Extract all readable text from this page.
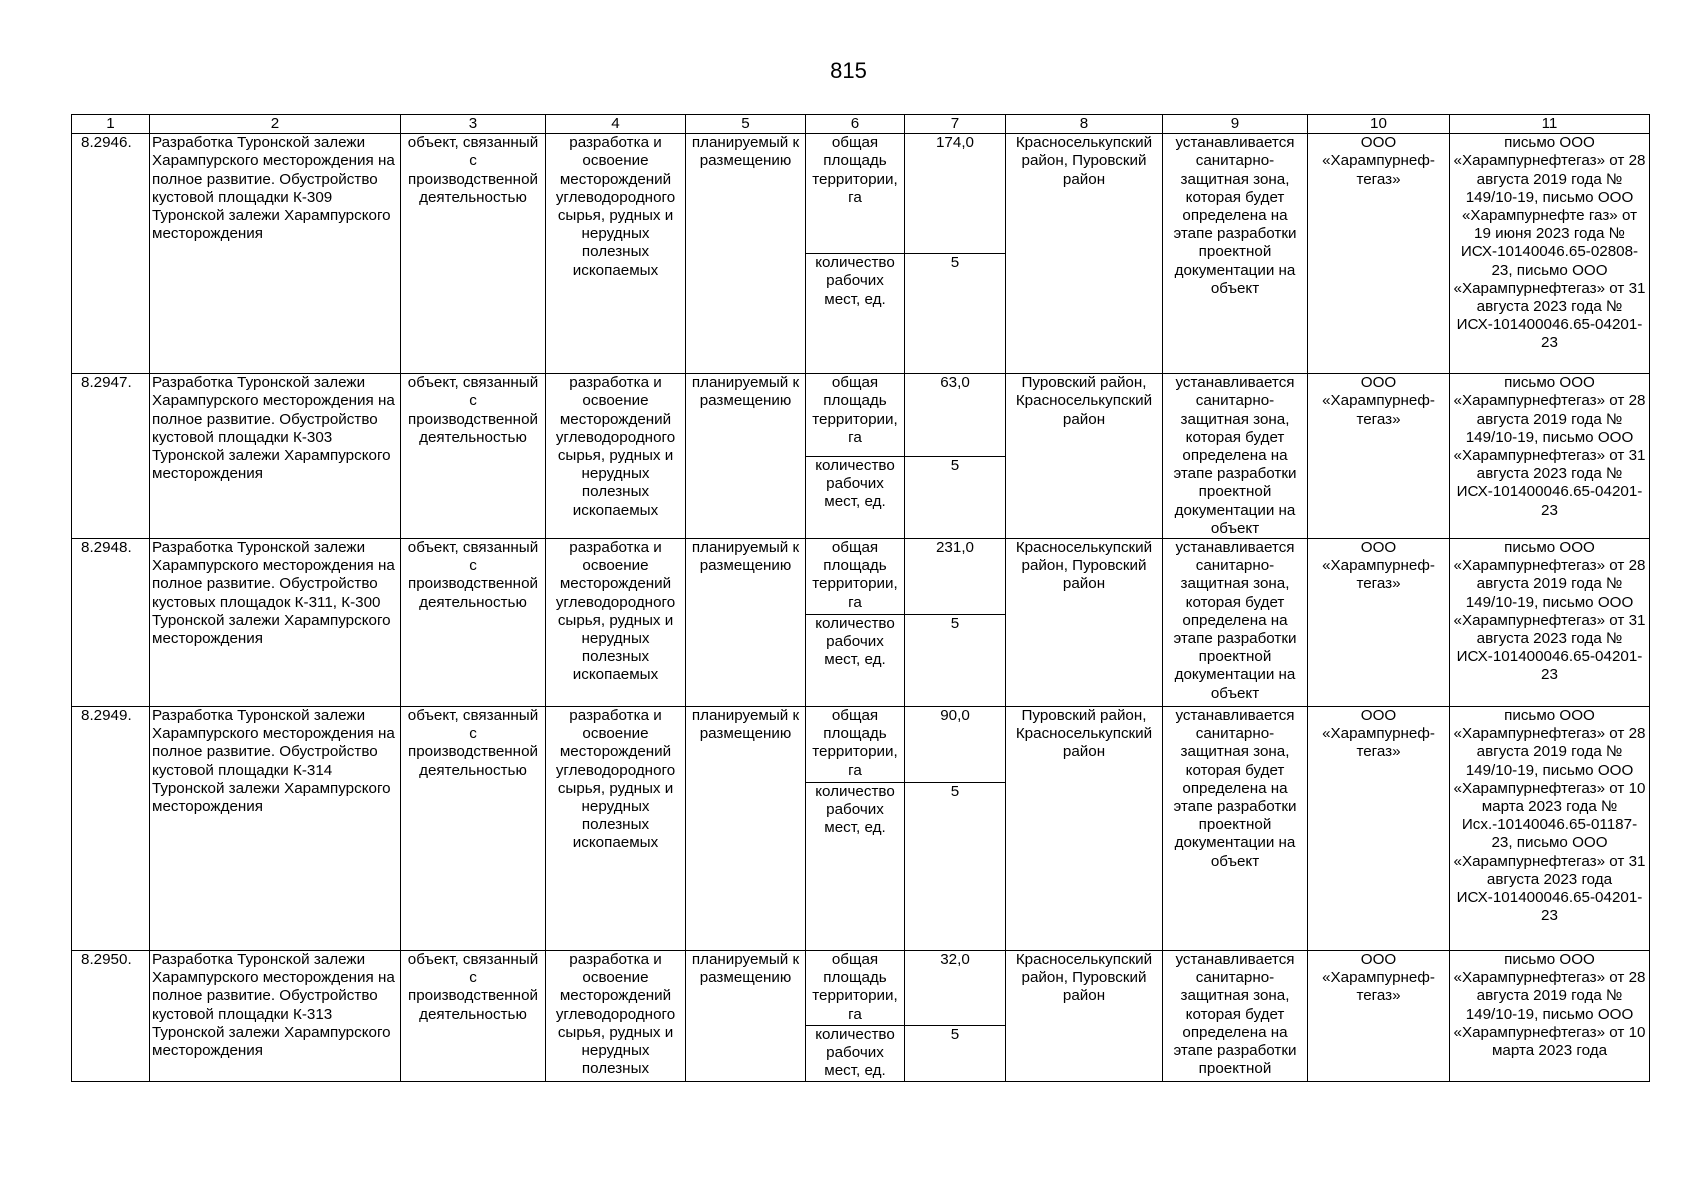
815
1	2	3	4	5	6	7	8	9	10	11
8.2946.	Разработка Туронской залежи Харампурского месторождения на полное развитие. Обустройство кустовой площадки К-309 Туронской залежи Харампурского месторождения	объект, связанный с производственной деятельностью	разработка и освоение месторождений углеводородного сырья, рудных и нерудных полезных ископаемых	планируемый к размещению	общая площадь территории, га	174,0	Красноселькупский район, Пуровский район	устанавливается санитарно-защитная зона, которая будет определена на этапе разработки проектной документации на объект	ООО «Харампурнеф-тегаз»	письмо ООО «Харампурнефтегаз» от 28 августа 2019 года № 149/10-19, письмо ООО «Харампурнефте газ» от 19 июня 2023 года № ИСХ-10140046.65-02808-23, письмо ООО «Харампурнефтегаз» от 31 августа 2023 года № ИСХ-101400046.65-04201-23
					количество рабочих мест, ед.	5				
8.2947.	Разработка Туронской залежи Харампурского месторождения на полное развитие. Обустройство кустовой площадки К-303 Туронской залежи Харампурского месторождения	объект, связанный с производственной деятельностью	разработка и освоение месторождений углеводородного сырья, рудных и нерудных полезных ископаемых	планируемый к размещению	общая площадь территории, га	63,0	Пуровский район, Красноселькупский район	устанавливается санитарно-защитная зона, которая будет определена на этапе разработки проектной документации на объект	ООО «Харампурнеф-тегаз»	письмо ООО «Харампурнефтегаз» от 28 августа 2019 года № 149/10-19, письмо ООО «Харампурнефтегаз» от 31 августа 2023 года № ИСХ-101400046.65-04201-23
					количество рабочих мест, ед.	5				
8.2948.	Разработка Туронской залежи Харампурского месторождения на полное развитие. Обустройство кустовых площадок К-311, К-300 Туронской залежи Харампурского месторождения	объект, связанный с производственной деятельностью	разработка и освоение месторождений углеводородного сырья, рудных и нерудных полезных ископаемых	планируемый к размещению	общая площадь территории, га	231,0	Красноселькупский район, Пуровский район	устанавливается санитарно-защитная зона, которая будет определена на этапе разработки проектной документации на объект	ООО «Харампурнеф-тегаз»	письмо ООО «Харампурнефтегаз» от 28 августа 2019 года № 149/10-19, письмо ООО «Харампурнефтегаз» от 31 августа 2023 года № ИСХ-101400046.65-04201-23
					количество рабочих мест, ед.	5				
8.2949.	Разработка Туронской залежи Харампурского месторождения на полное развитие. Обустройство кустовой площадки К-314 Туронской залежи Харампурского месторождения	объект, связанный с производственной деятельностью	разработка и освоение месторождений углеводородного сырья, рудных и нерудных полезных ископаемых	планируемый к размещению	общая площадь территории, га	90,0	Пуровский район, Красноселькупский район	устанавливается санитарно-защитная зона, которая будет определена на этапе разработки проектной документации на объект	ООО «Харампурнеф-тегаз»	письмо ООО «Харампурнефтегаз» от 28 августа 2019 года № 149/10-19, письмо ООО «Харампурнефтегаз» от 10 марта 2023 года № Исх.-10140046.65-01187-23, письмо ООО «Харампурнефтегаз» от 31 августа 2023 года ИСХ-101400046.65-04201-23
					количество рабочих мест, ед.	5				
8.2950.	Разработка Туронской залежи Харампурского месторождения на полное развитие. Обустройство кустовой площадки К-313 Туронской залежи Харампурского месторождения	объект, связанный с производственной деятельностью	разработка и освоение месторождений углеводородного сырья, рудных и нерудных полезных	планируемый к размещению	общая площадь территории, га	32,0	Красноселькупский район, Пуровский район	устанавливается санитарно-защитная зона, которая будет определена на этапе разработки проектной	ООО «Харампурнеф-тегаз»	письмо ООО «Харампурнефтегаз» от 28 августа 2019 года № 149/10-19, письмо ООО «Харампурнефтегаз» от 10 марта 2023 года
					количество рабочих мест, ед.	5				
